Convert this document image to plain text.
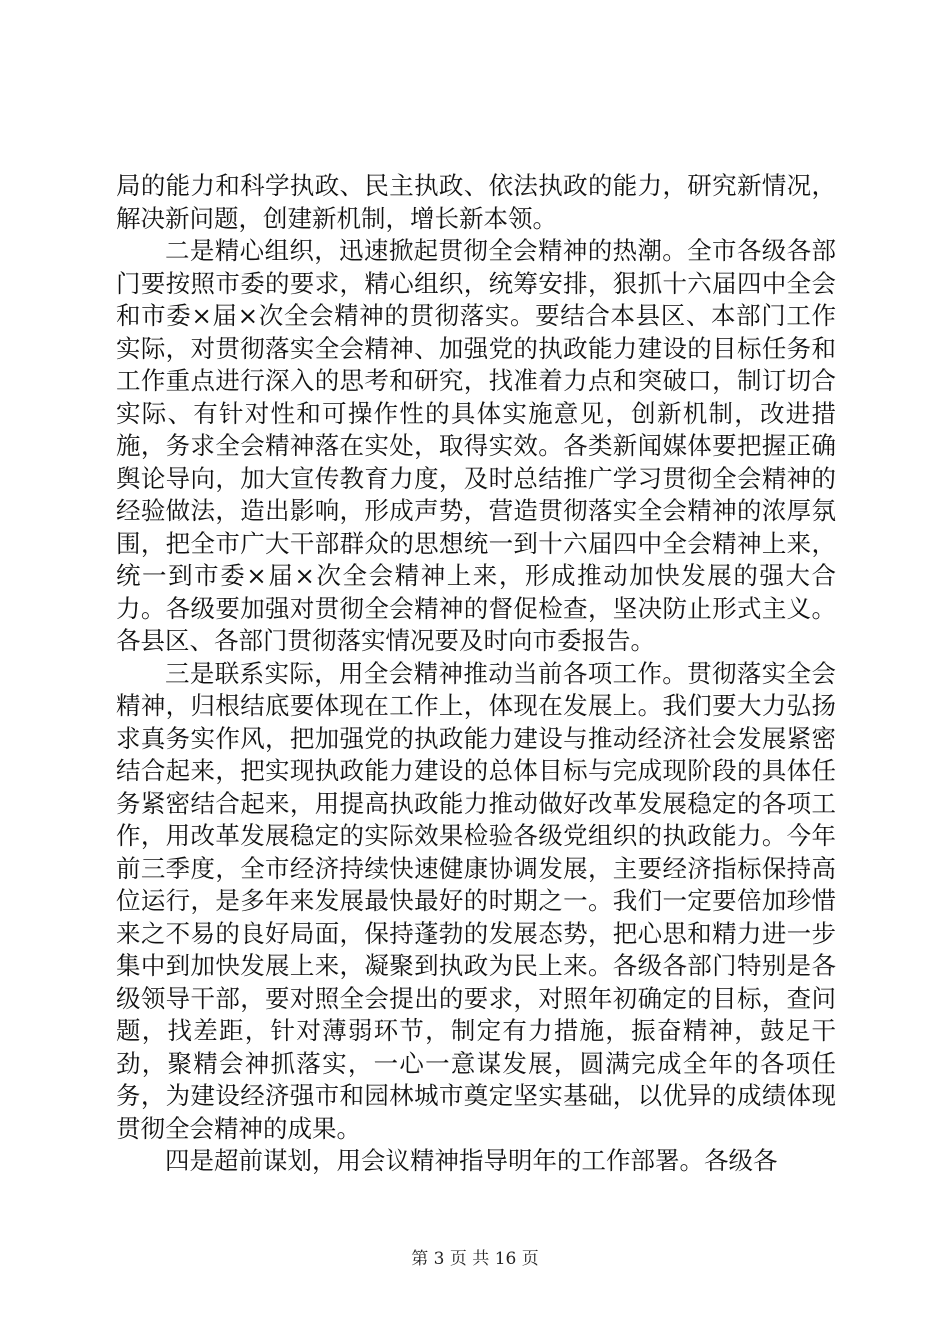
局的能力和科学执政、民主执政、依法执政的能力，研究新情况，解决新问题，创建新机制，增长新本领。

二是精心组织，迅速掀起贯彻全会精神的热潮。全市各级各部门要按照市委的要求，精心组织，统筹安排，狠抓十六届四中全会和市委×届×次全会精神的贯彻落实。要结合本县区、本部门工作实际，对贯彻落实全会精神、加强党的执政能力建设的目标任务和工作重点进行深入的思考和研究，找准着力点和突破口，制订切合实际、有针对性和可操作性的具体实施意见，创新机制，改进措施，务求全会精神落在实处，取得实效。各类新闻媒体要把握正确舆论导向，加大宣传教育力度，及时总结推广学习贯彻全会精神的经验做法，造出影响，形成声势，营造贯彻落实全会精神的浓厚氛围，把全市广大干部群众的思想统一到十六届四中全会精神上来，统一到市委×届×次全会精神上来，形成推动加快发展的强大合力。各级要加强对贯彻全会精神的督促检查，坚决防止形式主义。各县区、各部门贯彻落实情况要及时向市委报告。

三是联系实际，用全会精神推动当前各项工作。贯彻落实全会精神，归根结底要体现在工作上，体现在发展上。我们要大力弘扬求真务实作风，把加强党的执政能力建设与推动经济社会发展紧密结合起来，把实现执政能力建设的总体目标与完成现阶段的具体任务紧密结合起来，用提高执政能力推动做好改革发展稳定的各项工作，用改革发展稳定的实际效果检验各级党组织的执政能力。今年前三季度，全市经济持续快速健康协调发展，主要经济指标保持高位运行，是多年来发展最快最好的时期之一。我们一定要倍加珍惜来之不易的良好局面，保持蓬勃的发展态势，把心思和精力进一步集中到加快发展上来，凝聚到执政为民上来。各级各部门特别是各级领导干部，要对照全会提出的要求，对照年初确定的目标，查问题，找差距，针对薄弱环节，制定有力措施，振奋精神，鼓足干劲，聚精会神抓落实，一心一意谋发展，圆满完成全年的各项任务，为建设经济强市和园林城市奠定坚实基础，以优异的成绩体现贯彻全会精神的成果。

四是超前谋划，用会议精神指导明年的工作部署。各级各

第 3 页 共 16 页
